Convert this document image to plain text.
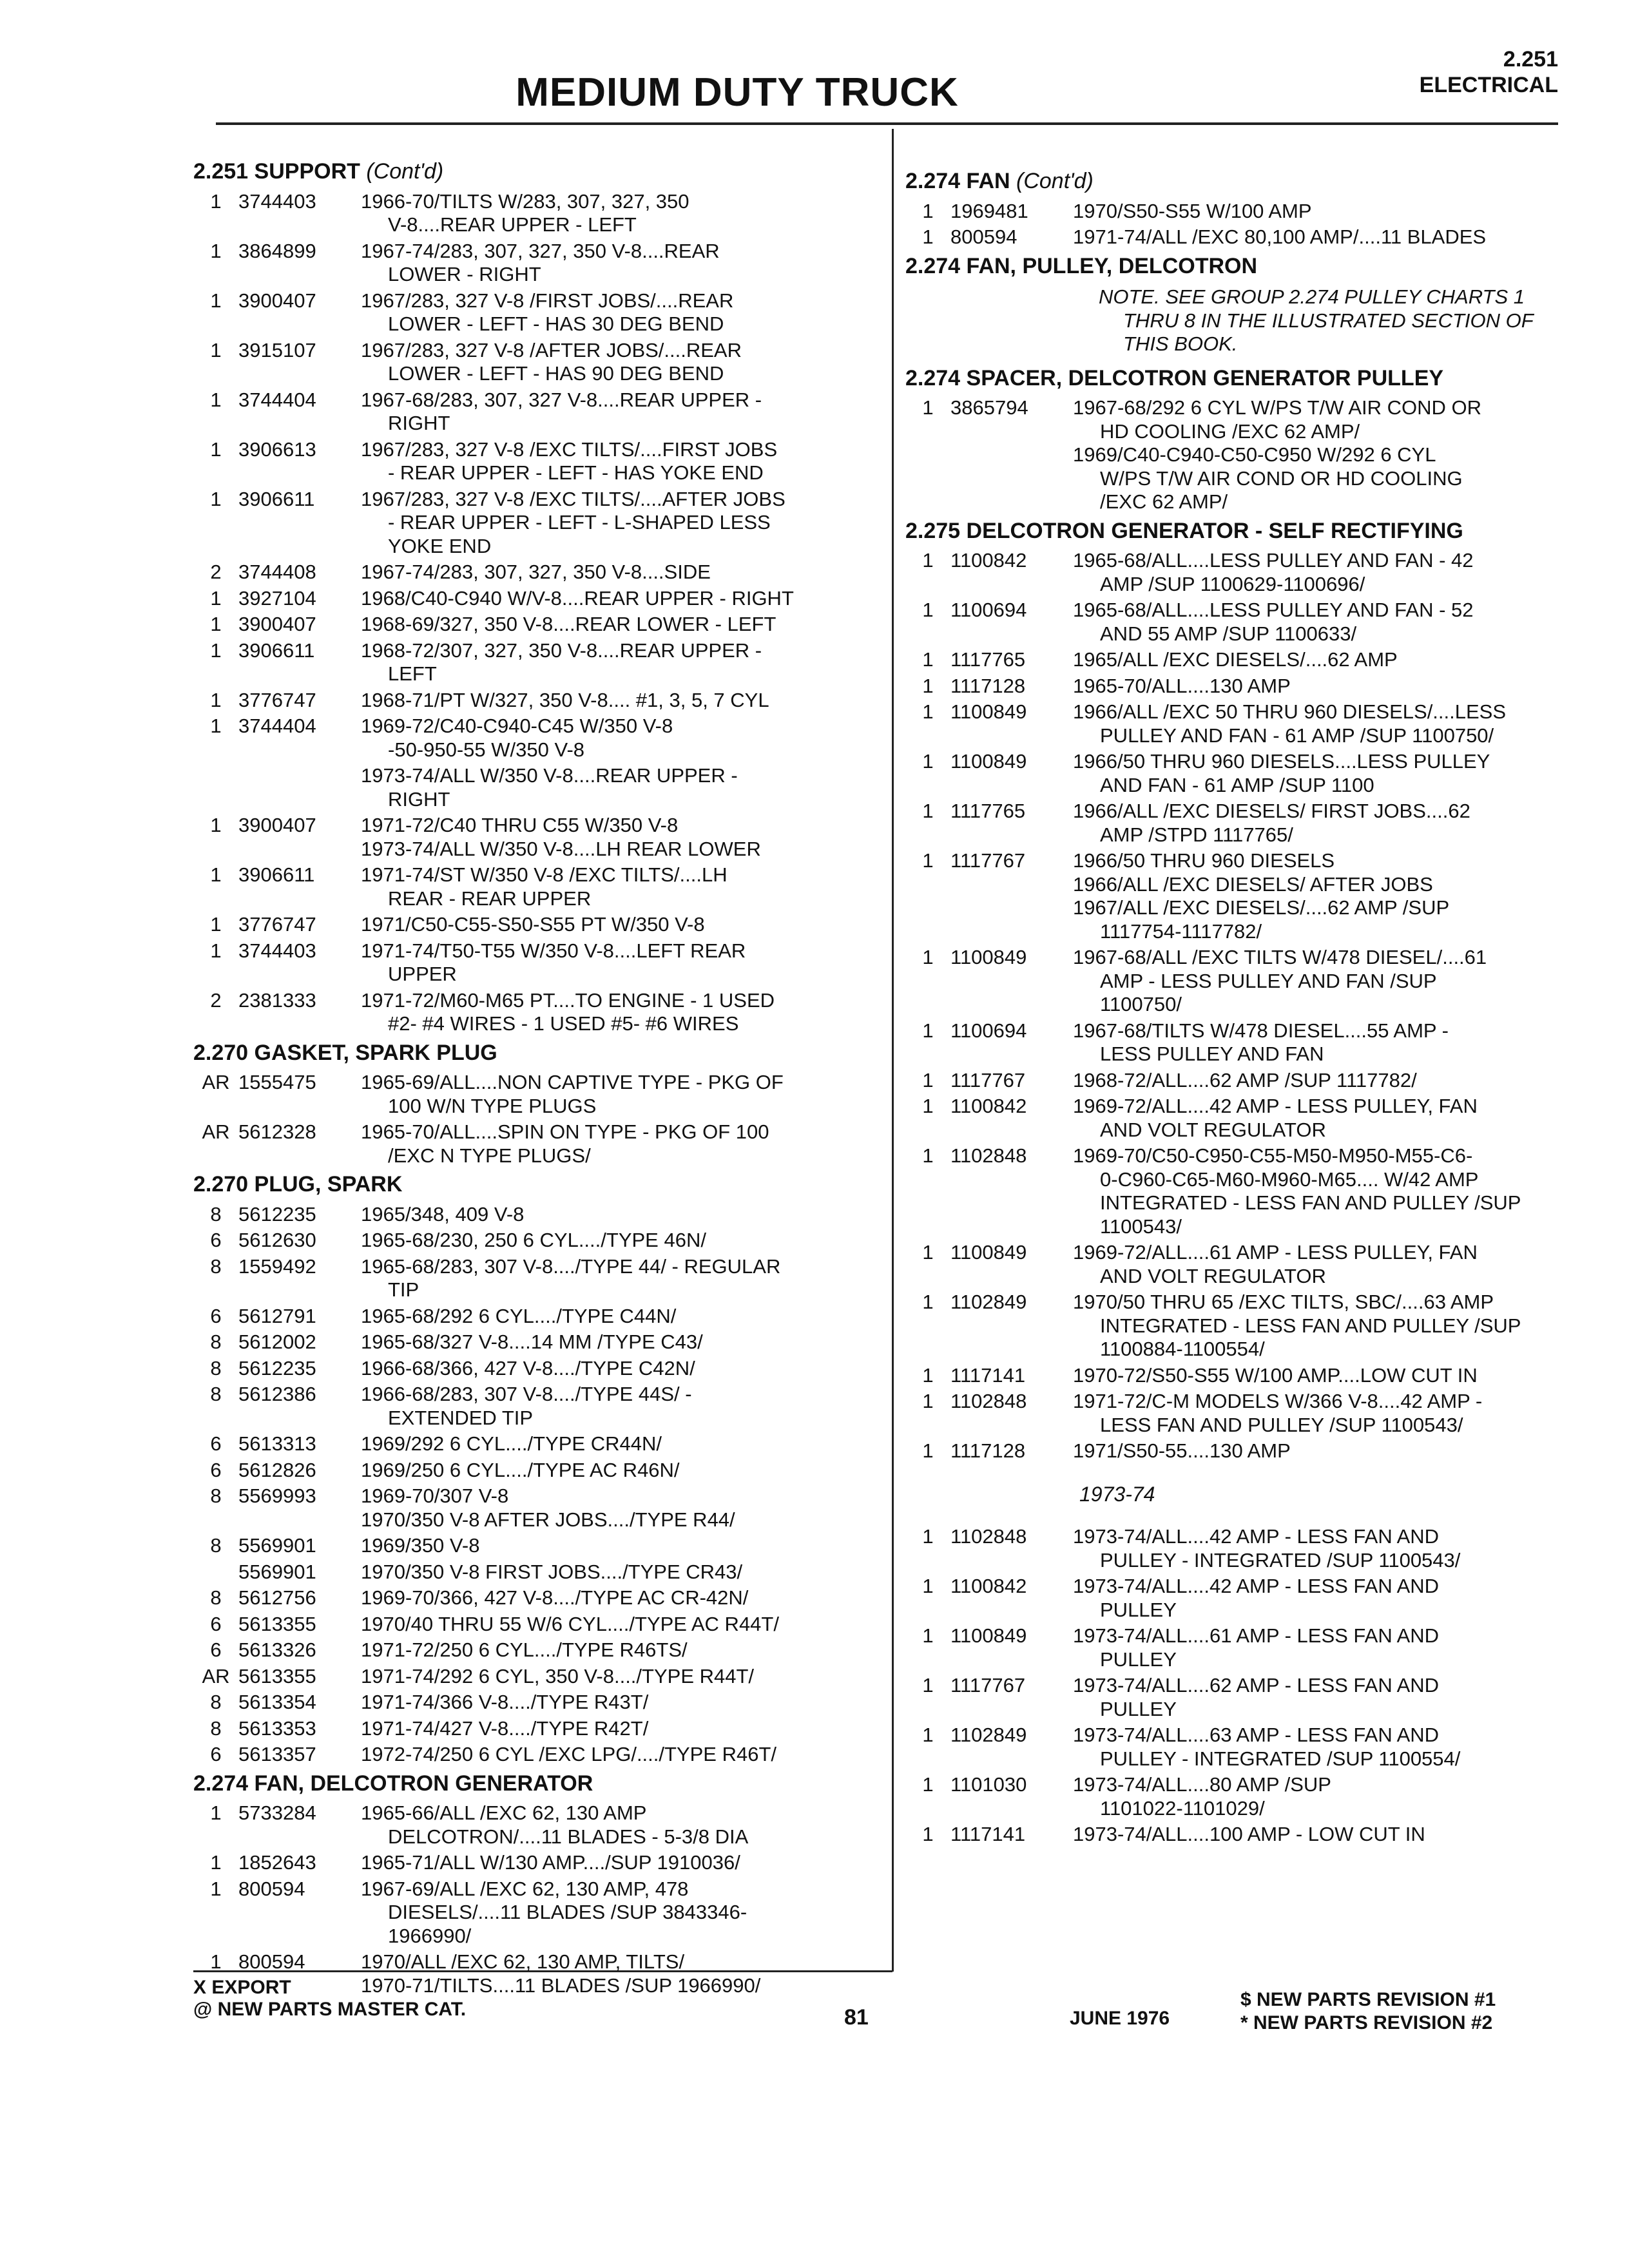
MEDIUM DUTY TRUCK
2.251
ELECTRICAL
2.251 SUPPORT (Cont'd)
1 3744403	1966-70/TILTS W/283, 307, 327, 350
V-8....REAR UPPER - LEFT
1 3864899	1967-74/283, 307, 327, 350 V-8....REAR
LOWER - RIGHT
1 3900407	1967/283, 327 V-8 /FIRST JOBS/....REAR
LOWER - LEFT - HAS 30 DEG BEND
1 3915107	1967/283, 327 V-8 /AFTER JOBS/....REAR
LOWER - LEFT - HAS 90 DEG BEND
1 3744404	1967-68/283, 307, 327 V-8....REAR UPPER -
RIGHT
1 3906613	1967/283, 327 V-8 /EXC TILTS/....FIRST JOBS
- REAR UPPER - LEFT - HAS YOKE END
1 3906611	1967/283, 327 V-8 /EXC TILTS/....AFTER JOBS
- REAR UPPER - LEFT - L-SHAPED LESS
YOKE END
2 3744408	1967-74/283, 307, 327, 350 V-8....SIDE
1 3927104	1968/C40-C940 W/V-8....REAR UPPER - RIGHT
1 3900407	1968-69/327, 350 V-8....REAR LOWER - LEFT
1 3906611	1968-72/307, 327, 350 V-8....REAR UPPER -
LEFT
1 3776747	1968-71/PT W/327, 350 V-8.... #1, 3, 5, 7 CYL
1 3744404	1969-72/C40-C940-C45 W/350 V-8
-50-950-55 W/350 V-8
1973-74/ALL W/350 V-8....REAR UPPER -
RIGHT
1 3900407	1971-72/C40 THRU C55 W/350 V-8
1973-74/ALL W/350 V-8....LH REAR LOWER
1 3906611	1971-74/ST W/350 V-8 /EXC TILTS/....LH
REAR - REAR UPPER
1 3776747	1971/C50-C55-S50-S55 PT W/350 V-8
1 3744403	1971-74/T50-T55 W/350 V-8....LEFT REAR
UPPER
2 2381333	1971-72/M60-M65 PT....TO ENGINE - 1 USED
#2- #4 WIRES - 1 USED #5- #6 WIRES
2.270 GASKET, SPARK PLUG
AR 1555475	1965-69/ALL....NON CAPTIVE TYPE - PKG OF
100 W/N TYPE PLUGS
AR 5612328	1965-70/ALL....SPIN ON TYPE - PKG OF 100
/EXC N TYPE PLUGS/
2.270 PLUG, SPARK
8 5612235	1965/348, 409 V-8
6 5612630	1965-68/230, 250 6 CYL..../TYPE 46N/
8 1559492	1965-68/283, 307 V-8..../TYPE 44/ - REGULAR
TIP
6 5612791	1965-68/292 6 CYL..../TYPE C44N/
8 5612002	1965-68/327 V-8....14 MM /TYPE C43/
8 5612235	1966-68/366, 427 V-8..../TYPE C42N/
8 5612386	1966-68/283, 307 V-8..../TYPE 44S/ -
EXTENDED TIP
6 5613313	1969/292 6 CYL..../TYPE CR44N/
6 5612826	1969/250 6 CYL..../TYPE AC R46N/
8 5569993	1969-70/307 V-8
1970/350 V-8 AFTER JOBS..../TYPE R44/
8 5569901	1969/350 V-8
5569901	1970/350 V-8 FIRST JOBS..../TYPE CR43/
8 5612756	1969-70/366, 427 V-8..../TYPE AC CR-42N/
6 5613355	1970/40 THRU 55 W/6 CYL..../TYPE AC R44T/
6 5613326	1971-72/250 6 CYL..../TYPE R46TS/
AR 5613355	1971-74/292 6 CYL, 350 V-8..../TYPE R44T/
8 5613354	1971-74/366 V-8..../TYPE R43T/
8 5613353	1971-74/427 V-8..../TYPE R42T/
6 5613357	1972-74/250 6 CYL /EXC LPG/..../TYPE R46T/
2.274 FAN, DELCOTRON GENERATOR
1 5733284	1965-66/ALL /EXC 62, 130 AMP
DELCOTRON/....11 BLADES - 5-3/8 DIA
1 1852643	1965-71/ALL W/130 AMP..../SUP 1910036/
1 800594	1967-69/ALL /EXC 62, 130 AMP, 478
DIESELS/....11 BLADES /SUP 3843346-
1966990/
1 800594	1970/ALL /EXC 62, 130 AMP, TILTS/
1970-71/TILTS....11 BLADES /SUP 1966990/
2.274 FAN (Cont'd)
1 1969481	1970/S50-S55 W/100 AMP
1 800594	1971-74/ALL /EXC 80,100 AMP/....11 BLADES
2.274 FAN, PULLEY, DELCOTRON
NOTE. SEE GROUP 2.274 PULLEY CHARTS 1
THRU 8 IN THE ILLUSTRATED SECTION OF
THIS BOOK.
2.274 SPACER, DELCOTRON GENERATOR PULLEY
1 3865794	1967-68/292 6 CYL W/PS T/W AIR COND OR
HD COOLING /EXC 62 AMP/
1969/C40-C940-C50-C950 W/292 6 CYL
W/PS T/W AIR COND OR HD COOLING
/EXC 62 AMP/
2.275 DELCOTRON GENERATOR - SELF RECTIFYING
1 1100842	1965-68/ALL....LESS PULLEY AND FAN - 42
AMP /SUP 1100629-1100696/
1 1100694	1965-68/ALL....LESS PULLEY AND FAN - 52
AND 55 AMP /SUP 1100633/
1 1117765	1965/ALL /EXC DIESELS/....62 AMP
1 1117128	1965-70/ALL....130 AMP
1 1100849	1966/ALL /EXC 50 THRU 960 DIESELS/....LESS
PULLEY AND FAN - 61 AMP /SUP 1100750/
1 1100849	1966/50 THRU 960 DIESELS....LESS PULLEY
AND FAN - 61 AMP /SUP 1100
1 1117765	1966/ALL /EXC DIESELS/ FIRST JOBS....62
AMP /STPD 1117765/
1 1117767	1966/50 THRU 960 DIESELS
1966/ALL /EXC DIESELS/ AFTER JOBS
1967/ALL /EXC DIESELS/....62 AMP /SUP
1117754-1117782/
1 1100849	1967-68/ALL /EXC TILTS W/478 DIESEL/....61
AMP - LESS PULLEY AND FAN /SUP
1100750/
1 1100694	1967-68/TILTS W/478 DIESEL....55 AMP -
LESS PULLEY AND FAN
1 1117767	1968-72/ALL....62 AMP /SUP 1117782/
1 1100842	1969-72/ALL....42 AMP - LESS PULLEY, FAN
AND VOLT REGULATOR
1 1102848	1969-70/C50-C950-C55-M50-M950-M55-C6-
0-C960-C65-M60-M960-M65.... W/42 AMP
INTEGRATED - LESS FAN AND PULLEY /SUP
1100543/
1 1100849	1969-72/ALL....61 AMP - LESS PULLEY, FAN
AND VOLT REGULATOR
1 1102849	1970/50 THRU 65 /EXC TILTS, SBC/....63 AMP
INTEGRATED - LESS FAN AND PULLEY /SUP
1100884-1100554/
1 1117141	1970-72/S50-S55 W/100 AMP....LOW CUT IN
1 1102848	1971-72/C-M MODELS W/366 V-8....42 AMP -
LESS FAN AND PULLEY /SUP 1100543/
1 1117128	1971/S50-55....130 AMP
1973-74
1 1102848	1973-74/ALL....42 AMP - LESS FAN AND
PULLEY - INTEGRATED /SUP 1100543/
1 1100842	1973-74/ALL....42 AMP - LESS FAN AND
PULLEY
1 1100849	1973-74/ALL....61 AMP - LESS FAN AND
PULLEY
1 1117767	1973-74/ALL....62 AMP - LESS FAN AND
PULLEY
1 1102849	1973-74/ALL....63 AMP - LESS FAN AND
PULLEY - INTEGRATED /SUP 1100554/
1 1101030	1973-74/ALL....80 AMP /SUP
1101022-1101029/
1 1117141	1973-74/ALL....100 AMP - LOW CUT IN
X EXPORT
@ NEW PARTS MASTER CAT.	81	JUNE 1976
$ NEW PARTS REVISION #1
* NEW PARTS REVISION #2
